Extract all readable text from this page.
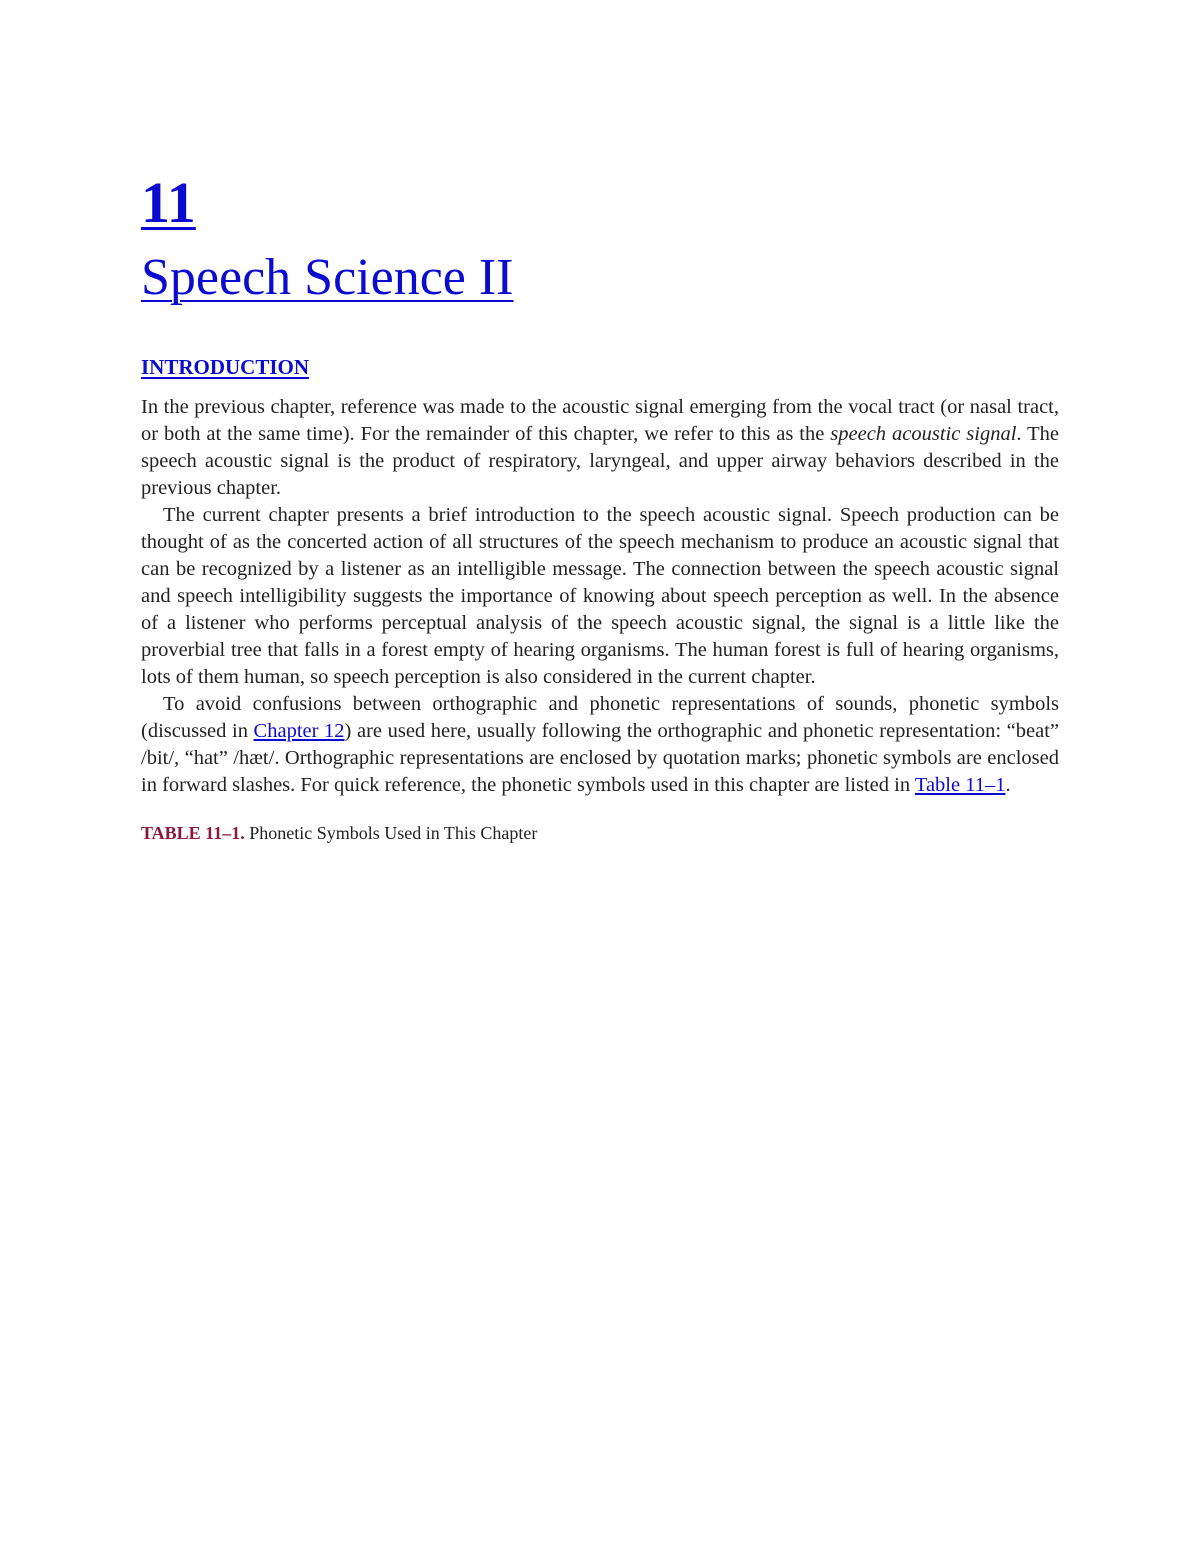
11
Speech Science II
INTRODUCTION

In the previous chapter, reference was made to the acoustic signal emerging from the vocal tract (or nasal tract, or both at the same time). For the remainder of this chapter, we refer to this as the speech acoustic signal. The speech acoustic signal is the product of respiratory, laryngeal, and upper airway behaviors described in the previous chapter.

The current chapter presents a brief introduction to the speech acoustic signal. Speech production can be thought of as the concerted action of all structures of the speech mechanism to produce an acoustic signal that can be recognized by a listener as an intelligible message. The connection between the speech acoustic signal and speech intelligibility suggests the importance of knowing about speech perception as well. In the absence of a listener who performs perceptual analysis of the speech acoustic signal, the signal is a little like the proverbial tree that falls in a forest empty of hearing organisms. The human forest is full of hearing organisms, lots of them human, so speech perception is also considered in the current chapter.

To avoid confusions between orthographic and phonetic representations of sounds, phonetic symbols (discussed in Chapter 12) are used here, usually following the orthographic and phonetic representation: “beat” /bit/, “hat” /hæt/. Orthographic representations are enclosed by quotation marks; phonetic symbols are enclosed in forward slashes. For quick reference, the phonetic symbols used in this chapter are listed in Table 11–1.

TABLE 11–1. Phonetic Symbols Used in This Chapter
